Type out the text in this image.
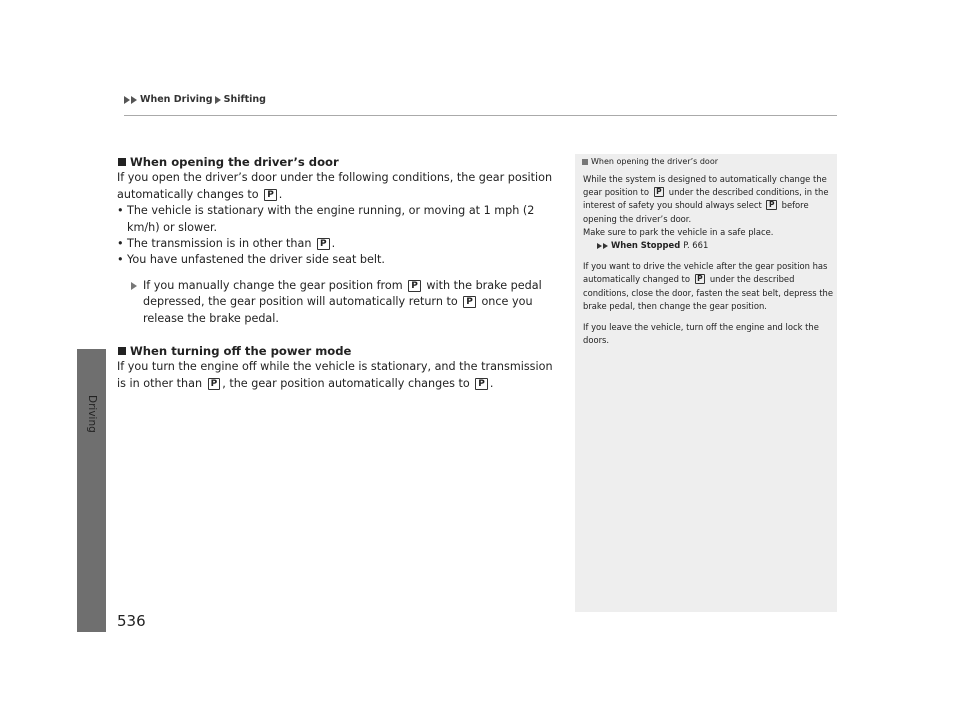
When Driving Shifting
Driving
When opening the driver’s door

If you open the driver’s door under the following conditions, the gear position automatically changes to P .

• The vehicle is stationary with the engine running, or moving at 1 mph (2 km/h) or slower.
• The transmission is in other than P .
• You have unfastened the driver side seat belt.
If you manually change the gear position from P with the brake pedal depressed, the gear position will automatically return to P once you release the brake pedal.
When turning off the power mode

If you turn the engine off while the vehicle is stationary, and the transmission is in other than P , the gear position automatically changes to P .

When opening the driver’s door

While the system is designed to automatically change the gear position to P under the described conditions, in the interest of safety you should always select P before opening the driver’s door.

Make sure to park the vehicle in a safe place.

When Stopped P. 661

If you want to drive the vehicle after the gear position has automatically changed to P under the described conditions, close the door, fasten the seat belt, depress the brake pedal, then change the gear position.

If you leave the vehicle, turn off the engine and lock the doors.

536
